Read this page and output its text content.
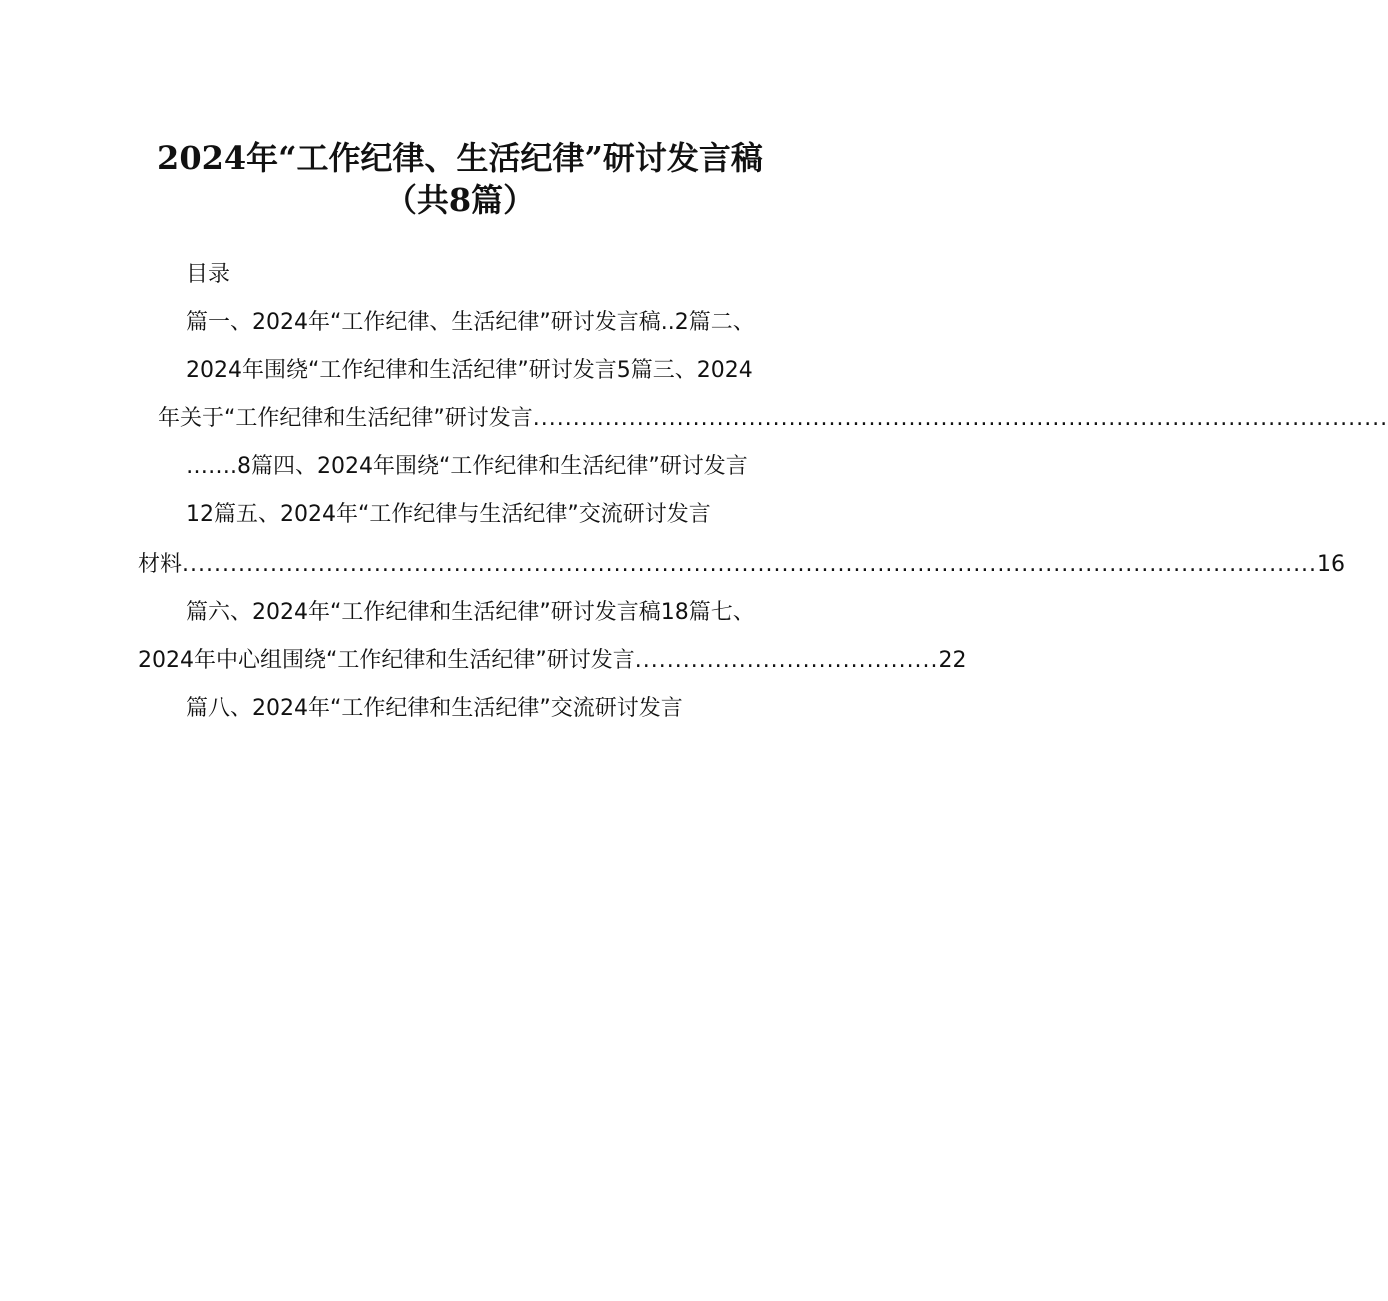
2024年“工作纪律、生活纪律”研讨发言稿
（共8篇）
目录
篇一、2024年“工作纪律、生活纪律”研讨发言稿..2篇二、
2024年围绕“工作纪律和生活纪律”研讨发言5篇三、2024
年关于“工作纪律和生活纪律”研讨发言 ...........................................................................................................
…….8篇四、2024年围绕“工作纪律和生活纪律”研讨发言
12篇五、2024年“工作纪律与生活纪律”交流研讨发言
材料 .............................................................................................................................................. 16
篇六、2024年“工作纪律和生活纪律”研讨发言稿18篇七、
2024年中心组围绕“工作纪律和生活纪律”研讨发言 ...................................... 22
篇八、2024年“工作纪律和生活纪律”交流研讨发言
